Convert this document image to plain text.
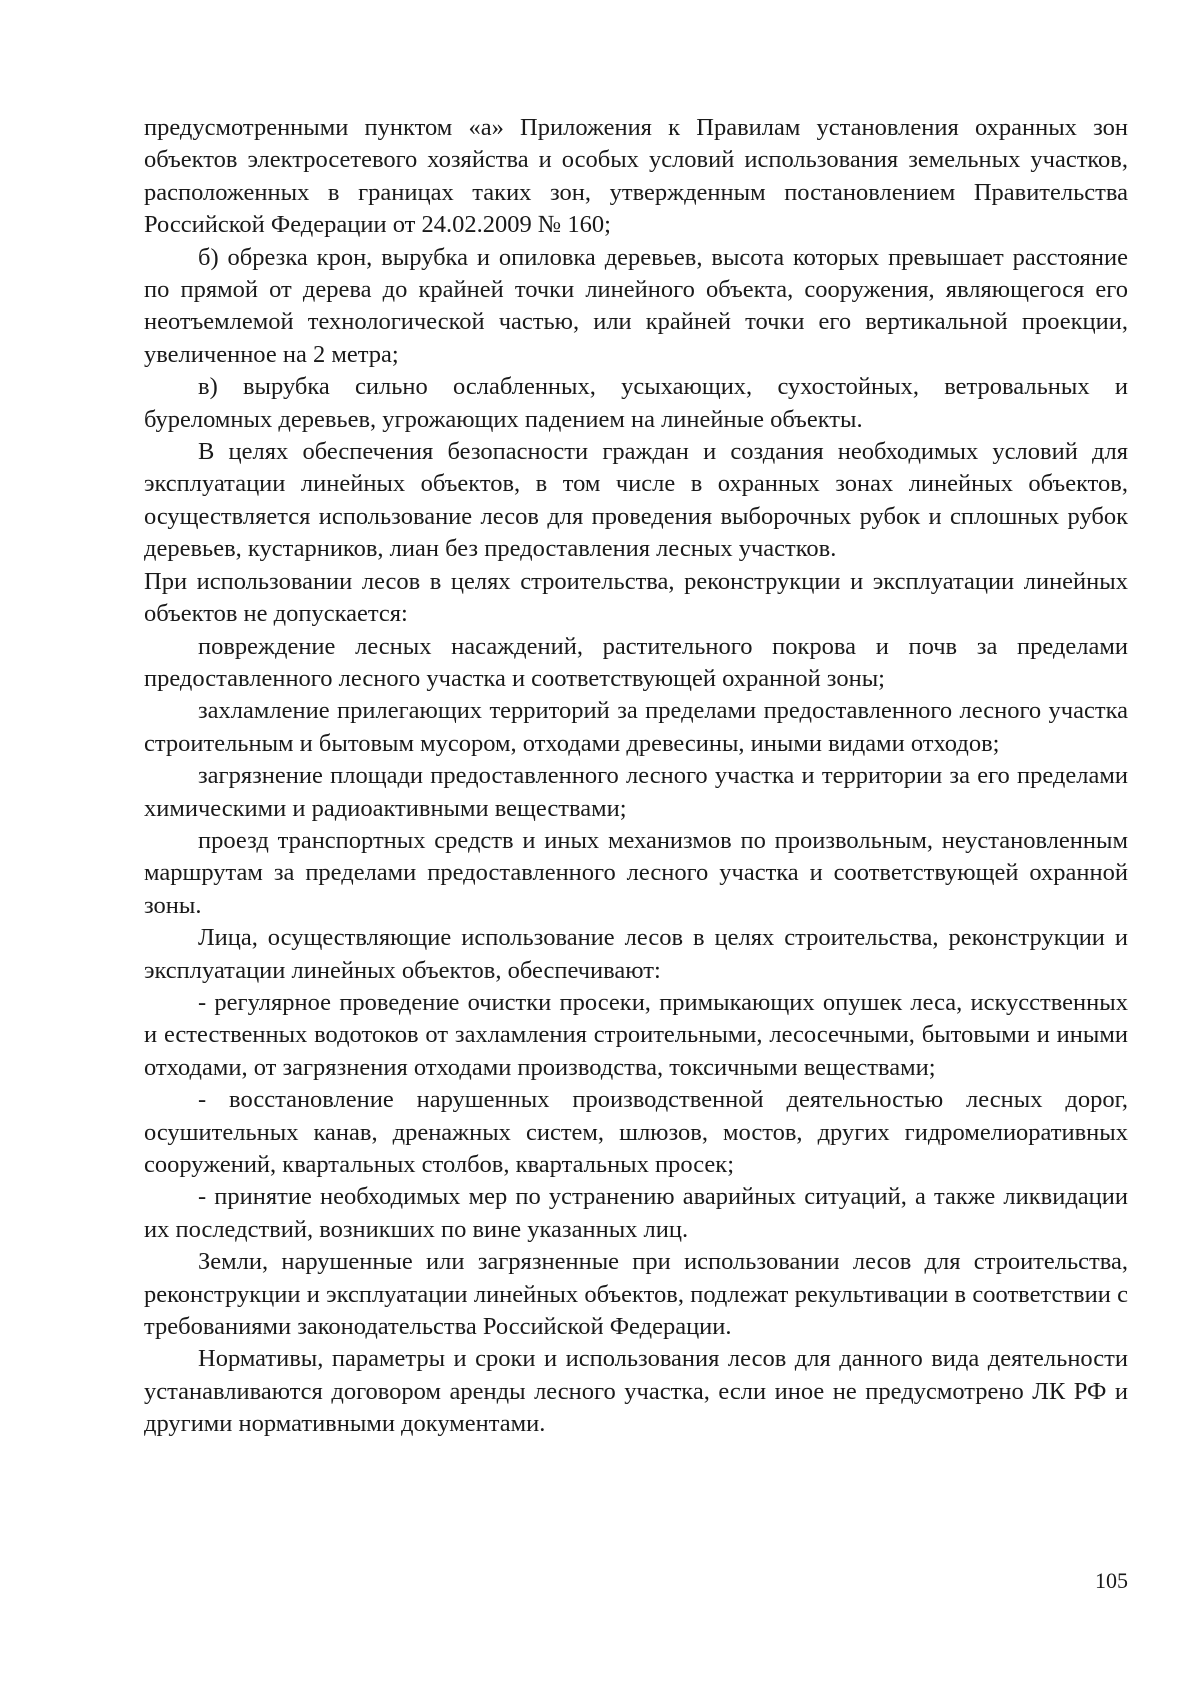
предусмотренными пунктом «а» Приложения к Правилам установления охранных зон объектов электросетевого хозяйства и особых условий использования земельных участков, расположенных в границах таких зон, утвержденным постановлением Правительства Российской Федерации от 24.02.2009 № 160;

б) обрезка крон, вырубка и опиловка деревьев, высота которых превышает расстояние по прямой от дерева до крайней точки линейного объекта, сооружения, являющегося его неотъемлемой технологической частью, или крайней точки его вертикальной проекции, увеличенное на 2 метра;

в) вырубка сильно ослабленных, усыхающих, сухостойных, ветровальных и буреломных деревьев, угрожающих падением на линейные объекты.

В целях обеспечения безопасности граждан и создания необходимых условий для эксплуатации линейных объектов, в том числе в охранных зонах линейных объектов, осуществляется использование лесов для проведения выборочных рубок и сплошных рубок деревьев, кустарников, лиан без предоставления лесных участков.

При использовании лесов в целях строительства, реконструкции и эксплуатации линейных объектов не допускается:

повреждение лесных насаждений, растительного покрова и почв за пределами предоставленного лесного участка и соответствующей охранной зоны;

захламление прилегающих территорий за пределами предоставленного лесного участка строительным и бытовым мусором, отходами древесины, иными видами отходов;

загрязнение площади предоставленного лесного участка и территории за его пределами химическими и радиоактивными веществами;

проезд транспортных средств и иных механизмов по произвольным, неустановленным маршрутам за пределами предоставленного лесного участка и соответствующей охранной зоны.

Лица, осуществляющие использование лесов в целях строительства, реконструкции и эксплуатации линейных объектов, обеспечивают:

- регулярное проведение очистки просеки, примыкающих опушек леса, искусственных и естественных водотоков от захламления строительными, лесосечными, бытовыми и иными отходами, от загрязнения отходами производства, токсичными веществами;

- восстановление нарушенных производственной деятельностью лесных дорог, осушительных канав, дренажных систем, шлюзов, мостов, других гидромелиоративных сооружений, квартальных столбов, квартальных просек;

- принятие необходимых мер по устранению аварийных ситуаций, а также ликвидации их последствий, возникших по вине указанных лиц.

Земли, нарушенные или загрязненные при использовании лесов для строительства, реконструкции и эксплуатации линейных объектов, подлежат рекультивации в соответствии с требованиями законодательства Российской Федерации.

Нормативы, параметры и сроки и использования лесов для данного вида деятельности устанавливаются договором аренды лесного участка, если иное не предусмотрено ЛК РФ и другими нормативными документами.

105
